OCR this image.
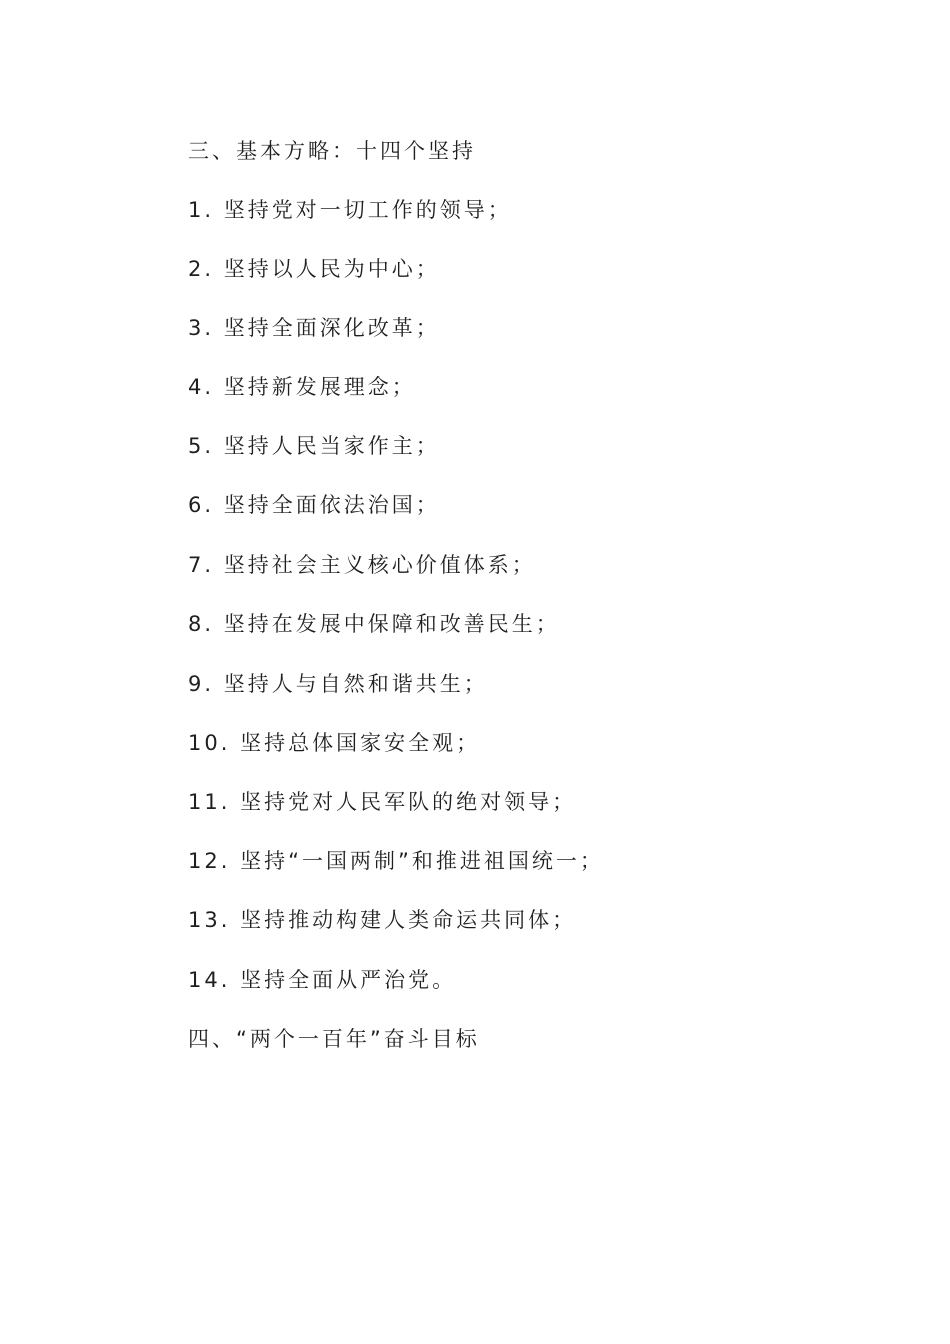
三、基本方略：十四个坚持
1. 坚持党对一切工作的领导；
2. 坚持以人民为中心；
3. 坚持全面深化改革；
4. 坚持新发展理念；
5. 坚持人民当家作主；
6. 坚持全面依法治国；
7. 坚持社会主义核心价值体系；
8. 坚持在发展中保障和改善民生；
9. 坚持人与自然和谐共生；
10. 坚持总体国家安全观；
11. 坚持党对人民军队的绝对领导；
12. 坚持“一国两制”和推进祖国统一；
13. 坚持推动构建人类命运共同体；
14. 坚持全面从严治党。
四、“两个一百年”奋斗目标
